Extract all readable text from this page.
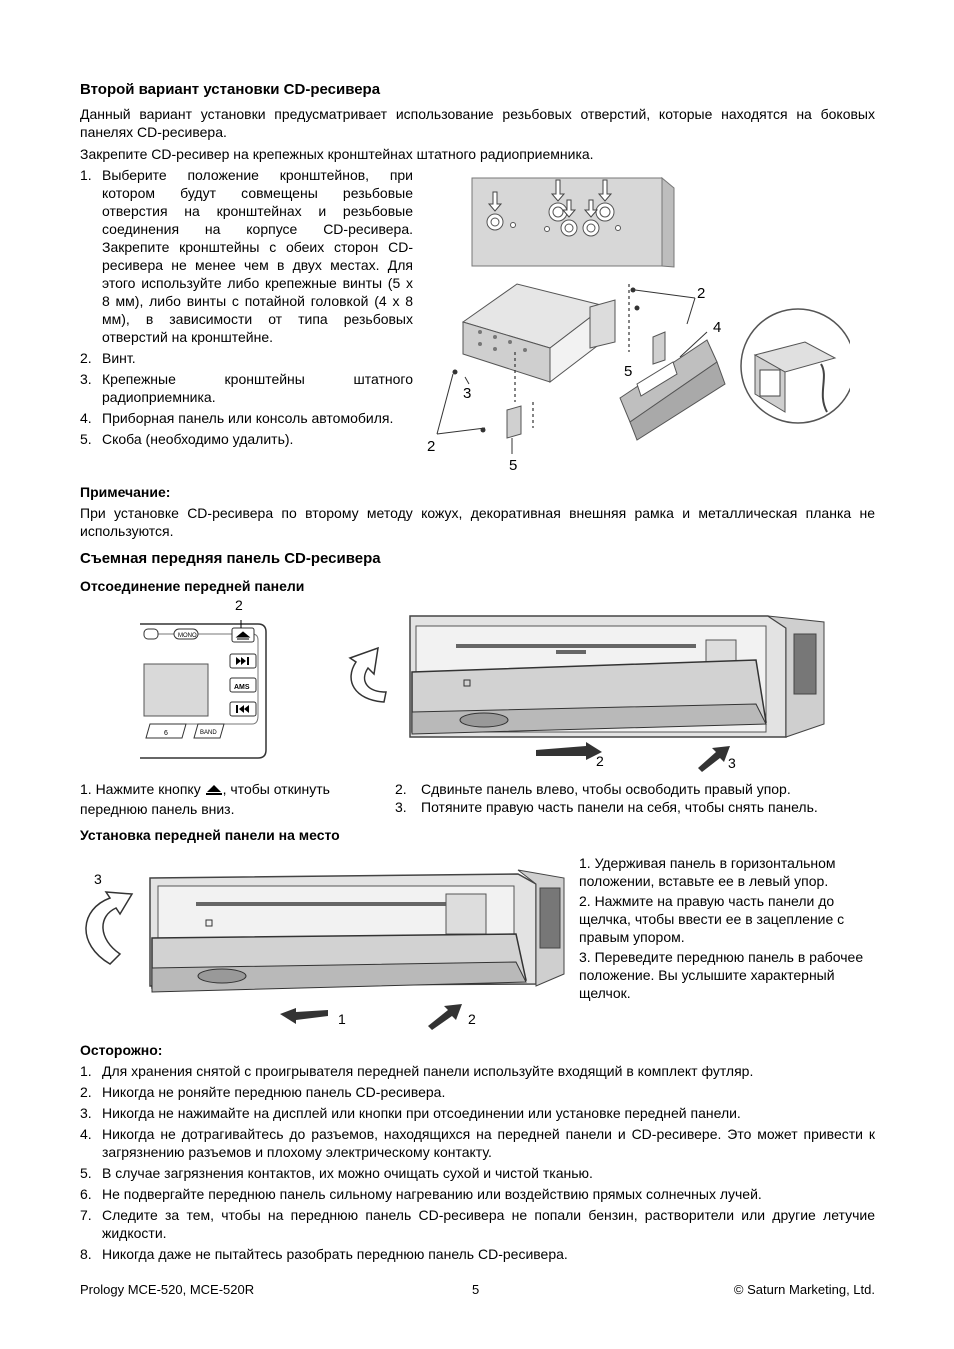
Второй вариант установки CD-ресивера

Данный вариант установки предусматривает использование резьбовых отверстий, которые находятся на боковых панелях CD-ресивера.

Закрепите CD-ресивер на крепежных кронштейнах штатного радиоприемника.

1. Выберите положение кронштейнов, при котором будут совмещены резьбовые отверстия на кронштейнах и резьбовые соединения на корпусе CD-ресивера. Закрепите кронштейны с обеих сторон CD-ресивера не менее чем в двух местах. Для этого используйте либо крепежные винты (5 х 8 мм), либо винты с потайной головкой (4 х 8 мм), в зависимости от типа резьбовых отверстий на кронштейне.
2. Винт.
3. Крепежные кронштейны штатного радиоприемника.
4. Приборная панель или консоль автомобиля.
5. Скоба (необходимо удалить).
2
4
5
3
2
5
Примечание:

При установке CD-ресивера по второму методу кожух, декоративная внешняя рамка и металлическая планка не используются.

Съемная передняя панель CD-ресивера
Отсоединение передней панели
MONO
2
AMS
6	BAND
2	3

1. Нажмите кнопку , чтобы откинуть переднюю панель вниз.

2. Сдвиньте панель влево, чтобы освободить правый упор.
3. Потяните правую часть панели на себя, чтобы снять панель.
Установка передней панели на место
3
1	2

1. Удерживая панель в горизонтальном положении, вставьте ее в левый упор.

2. Нажмите на правую часть панели до щелчка, чтобы ввести ее в зацепление с правым упором.

3. Переведите переднюю панель в рабочее положение. Вы услышите характерный щелчок.

Осторожно:
1. Для хранения снятой с проигрывателя передней панели используйте входящий в комплект футляр.
2. Никогда не роняйте переднюю панель CD-ресивера.
3. Никогда не нажимайте на дисплей или кнопки при отсоединении или установке передней панели.
4. Никогда не дотрагивайтесь до разъемов, находящихся на передней панели и CD-ресивере. Это может привести к загрязнению разъемов и плохому электрическому контакту.
5. В случае загрязнения контактов, их можно очищать сухой и чистой тканью.
6. Не подвергайте переднюю панель сильному нагреванию или воздействию прямых солнечных лучей.
7. Следите за тем, чтобы на переднюю панель CD-ресивера не попали бензин, растворители или другие летучие жидкости.
8. Никогда даже не пытайтесь разобрать переднюю панель CD-ресивера.
Prology MCE-520, MCE-520R	5	© Saturn Marketing, Ltd.
